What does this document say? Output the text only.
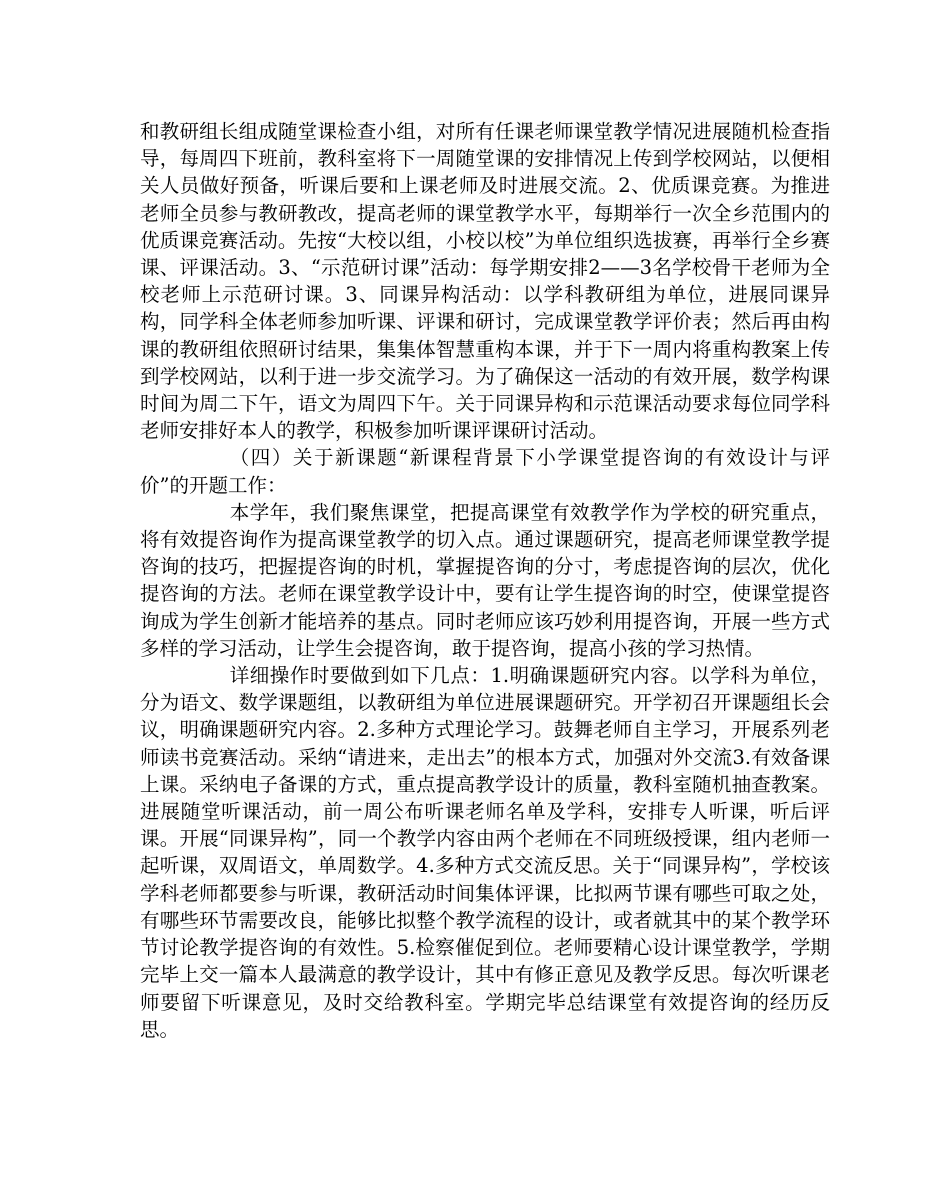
和教研组长组成随堂课检查小组，对所有任课老师课堂教学情况进展随机检查指导，每周四下班前，教科室将下一周随堂课的安排情况上传到学校网站，以便相关人员做好预备，听课后要和上课老师及时进展交流。2、优质课竞赛。为推进老师全员参与教研教改，提高老师的课堂教学水平，每期举行一次全乡范围内的优质课竞赛活动。先按“大校以组，小校以校”为单位组织选拔赛，再举行全乡赛课、评课活动。3、“示范研讨课”活动：每学期安排2——3名学校骨干老师为全校老师上示范研讨课。3、同课异构活动：以学科教研组为单位，进展同课异构，同学科全体老师参加听课、评课和研讨，完成课堂教学评价表；然后再由构课的教研组依照研讨结果，集集体智慧重构本课，并于下一周内将重构教案上传到学校网站，以利于进一步交流学习。为了确保这一活动的有效开展，数学构课时间为周二下午，语文为周四下午。关于同课异构和示范课活动要求每位同学科老师安排好本人的教学，积极参加听课评课研讨活动。

（四）关于新课题“新课程背景下小学课堂提咨询的有效设计与评价”的开题工作：

本学年，我们聚焦课堂，把提高课堂有效教学作为学校的研究重点，将有效提咨询作为提高课堂教学的切入点。通过课题研究，提高老师课堂教学提咨询的技巧，把握提咨询的时机，掌握提咨询的分寸，考虑提咨询的层次，优化提咨询的方法。老师在课堂教学设计中，要有让学生提咨询的时空，使课堂提咨询成为学生创新才能培养的基点。同时老师应该巧妙利用提咨询，开展一些方式多样的学习活动，让学生会提咨询，敢于提咨询，提高小孩的学习热情。

详细操作时要做到如下几点：1.明确课题研究内容。以学科为单位，分为语文、数学课题组，以教研组为单位进展课题研究。开学初召开课题组长会议，明确课题研究内容。2.多种方式理论学习。鼓舞老师自主学习，开展系列老师读书竞赛活动。采纳“请进来，走出去”的根本方式，加强对外交流3.有效备课上课。采纳电子备课的方式，重点提高教学设计的质量，教科室随机抽查教案。进展随堂听课活动，前一周公布听课老师名单及学科，安排专人听课，听后评课。开展“同课异构”，同一个教学内容由两个老师在不同班级授课，组内老师一起听课，双周语文，单周数学。4.多种方式交流反思。关于“同课异构”，学校该学科老师都要参与听课，教研活动时间集体评课，比拟两节课有哪些可取之处，有哪些环节需要改良，能够比拟整个教学流程的设计，或者就其中的某个教学环节讨论教学提咨询的有效性。5.检察催促到位。老师要精心设计课堂教学，学期完毕上交一篇本人最满意的教学设计，其中有修正意见及教学反思。每次听课老师要留下听课意见，及时交给教科室。学期完毕总结课堂有效提咨询的经历反思。
